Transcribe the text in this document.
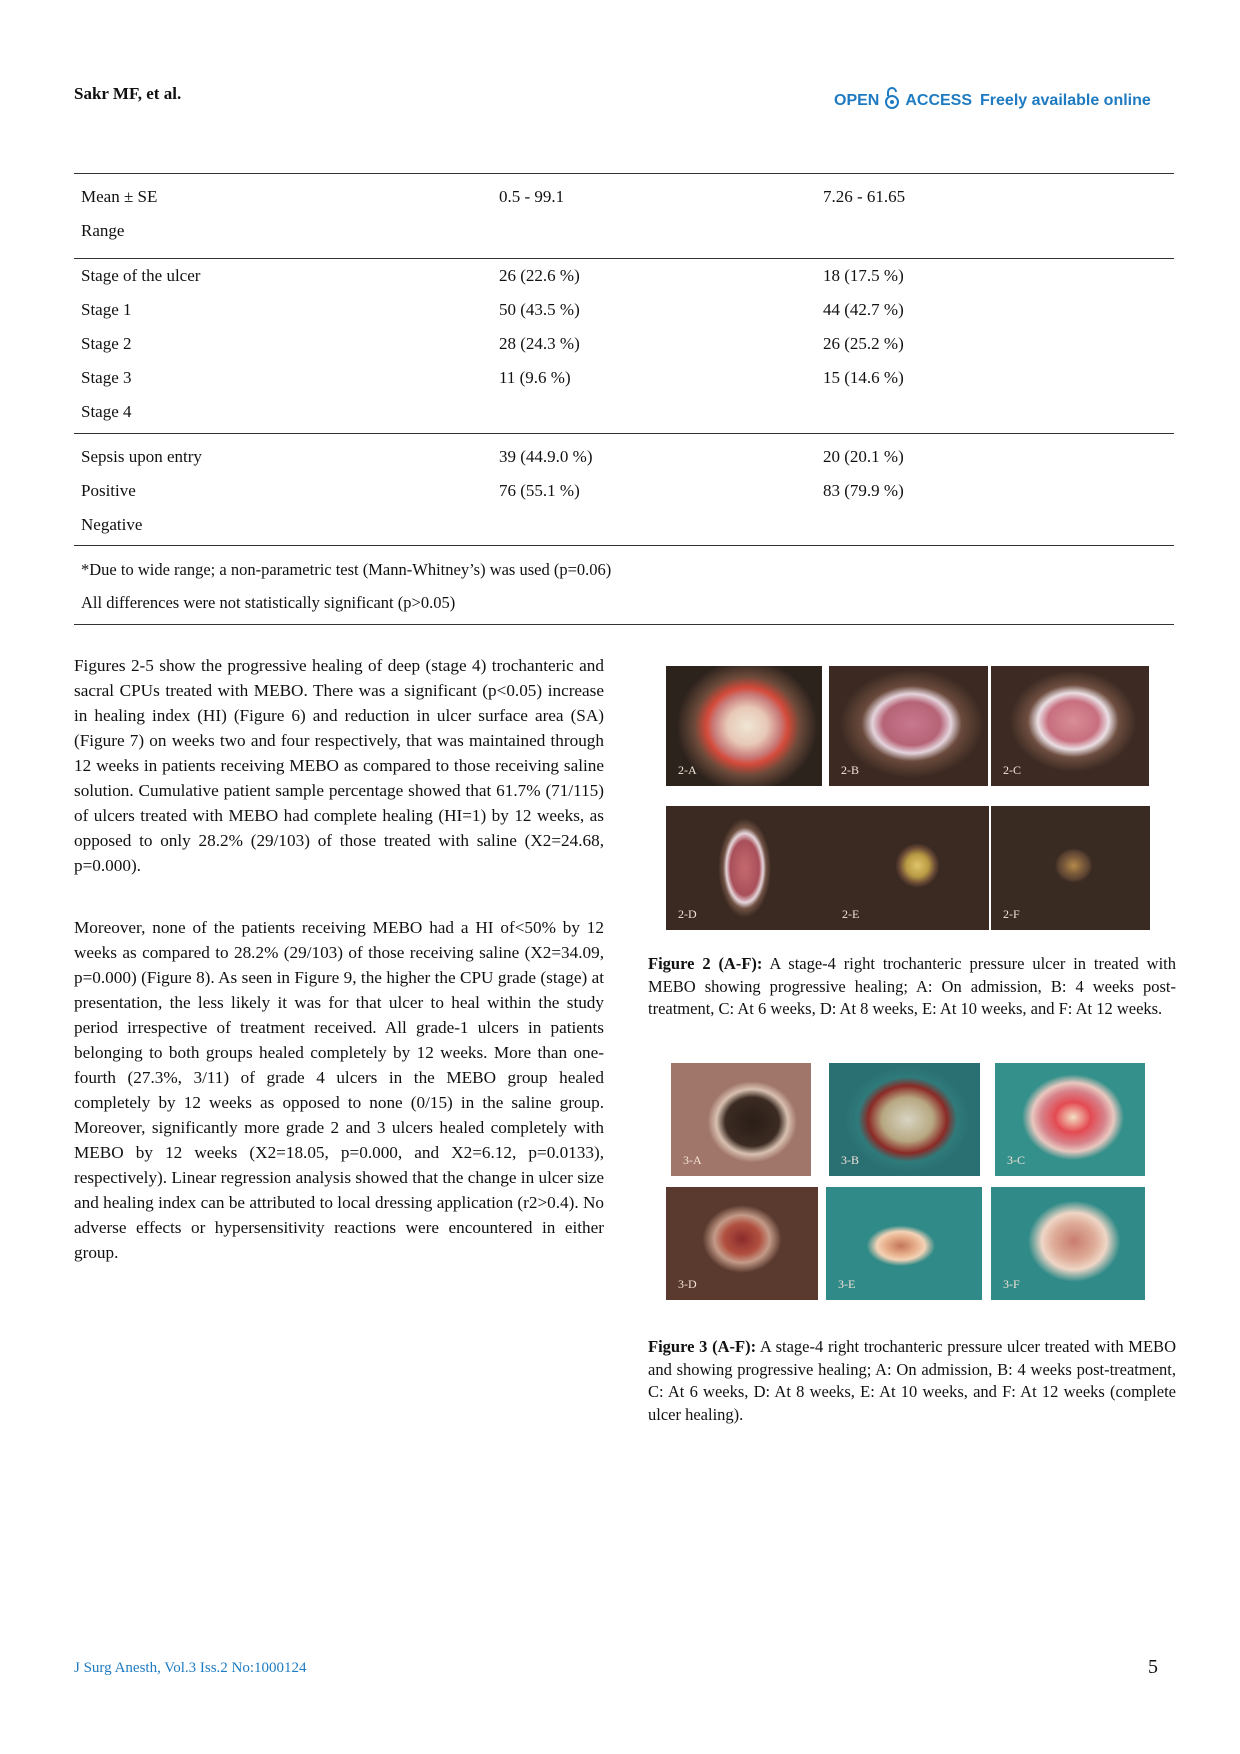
Sakr MF, et al.	OPEN ACCESS Freely available online
Mean ± SE	0.5 - 99.1	7.26 - 61.65
Range
Stage of the ulcer	26 (22.6 %)	18 (17.5 %)
Stage 1	50 (43.5 %)	44 (42.7 %)
Stage 2	28 (24.3 %)	26 (25.2 %)
Stage 3	11 (9.6 %)	15 (14.6 %)
Stage 4
Sepsis upon entry	39 (44.9.0 %)	20 (20.1 %)
Positive	76 (55.1 %)	83 (79.9 %)
Negative
*Due to wide range; a non-parametric test (Mann-Whitney’s) was used (p=0.06)
All differences were not statistically significant (p>0.05)
Figures 2-5 show the progressive healing of deep (stage 4) trochanteric and sacral CPUs treated with MEBO. There was a significant (p<0.05) increase in healing index (HI) (Figure 6) and reduction in ulcer surface area (SA) (Figure 7) on weeks two and four respectively, that was maintained through 12 weeks in patients receiving MEBO as compared to those receiving saline solution. Cumulative patient sample percentage showed that 61.7% (71/115) of ulcers treated with MEBO had complete healing (HI=1) by 12 weeks, as opposed to only 28.2% (29/103) of those treated with saline (X2=24.68, p=0.000).
Moreover, none of the patients receiving MEBO had a HI of<50% by 12 weeks as compared to 28.2% (29/103) of those receiving saline (X2=34.09, p=0.000) (Figure 8). As seen in Figure 9, the higher the CPU grade (stage) at presentation, the less likely it was for that ulcer to heal within the study period irrespective of treatment received. All grade-1 ulcers in patients belonging to both groups healed completely by 12 weeks. More than one-fourth (27.3%, 3/11) of grade 4 ulcers in the MEBO group healed completely by 12 weeks as opposed to none (0/15) in the saline group. Moreover, significantly more grade 2 and 3 ulcers healed completely with MEBO by 12 weeks (X2=18.05, p=0.000, and X2=6.12, p=0.0133), respectively). Linear regression analysis showed that the change in ulcer size and healing index can be attributed to local dressing application (r2>0.4). No adverse effects or hypersensitivity reactions were encountered in either group.
2-A	2-B	2-C
2-D	2-E	2-F
Figure 2 (A-F): A stage-4 right trochanteric pressure ulcer in treated with MEBO showing progressive healing; A: On admission, B: 4 weeks post-treatment, C: At 6 weeks, D: At 8 weeks, E: At 10 weeks, and F: At 12 weeks.
3-A	3-B	3-C
3-D	3-E	3-F
Figure 3 (A-F): A stage-4 right trochanteric pressure ulcer treated with MEBO and showing progressive healing; A: On admission, B: 4 weeks post-treatment, C: At 6 weeks, D: At 8 weeks, E: At 10 weeks, and F: At 12 weeks (complete ulcer healing).
J Surg Anesth, Vol.3 Iss.2 No:1000124	5
